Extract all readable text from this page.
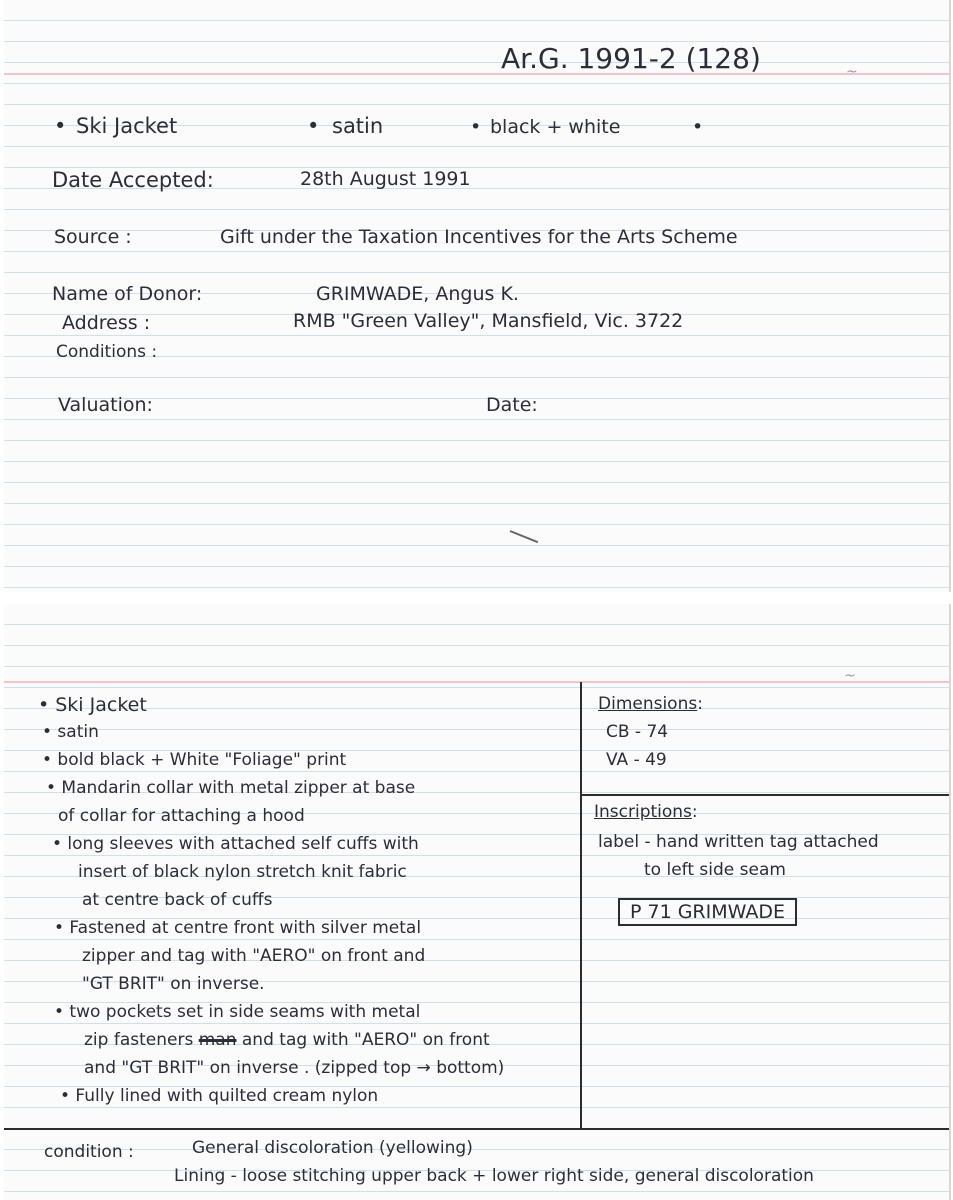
Ar.G. 1991-2 (128)	~
• Ski Jacket	• satin	• black + white	•
Date Accepted:	28th August 1991
Source :	Gift under the Taxation Incentives for the Arts Scheme
Name of Donor:	GRIMWADE, Angus K.
Address :	RMB "Green Valley", Mansfield, Vic. 3722
Conditions :
Valuation:	Date:
~
• Ski Jacket
• satin
• bold black + White "Foliage" print
• Mandarin collar with metal zipper at base
of collar for attaching a hood
• long sleeves with attached self cuffs with
insert of black nylon stretch knit fabric
at centre back of cuffs
• Fastened at centre front with silver metal
zipper and tag with "AERO" on front and
"GT BRIT" on inverse.
• two pockets set in side seams with metal
zip fasteners man and tag with "AERO" on front
and "GT BRIT" on inverse . (zipped top → bottom)
• Fully lined with quilted cream nylon
Dimensions:
CB - 74
VA - 49
Inscriptions:
label - hand written tag attached
to left side seam
P 71 GRIMWADE
condition :	General discoloration (yellowing)
Lining - loose stitching upper back + lower right side, general discoloration
